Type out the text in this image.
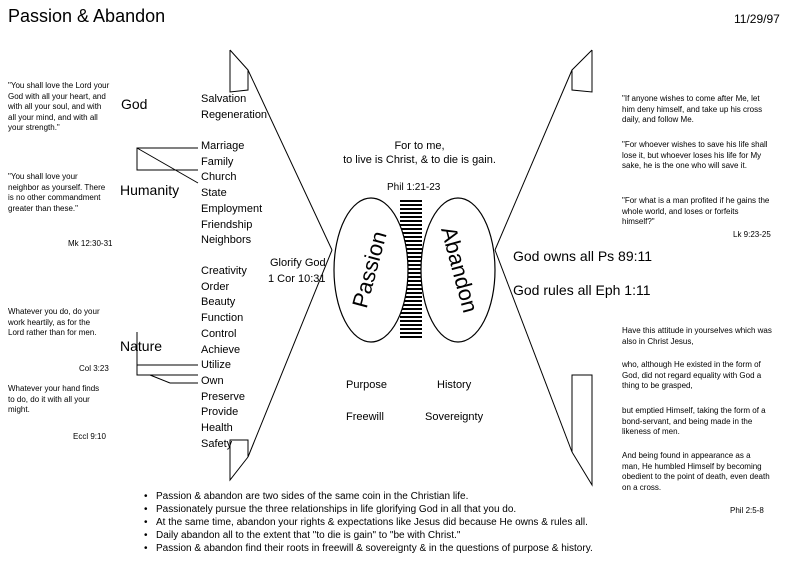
Passion & Abandon	11/29/97
Passion Abandon
"You shall love the Lord your God with all your heart, and with all your soul, and with all your mind, and with all your strength."
"You shall love your neighbor as yourself. There is no other commandment greater than these."
Mk 12:30-31
Whatever you do, do your work heartily, as for the Lord rather than for men.
Col 3:23
Whatever your hand finds to do, do it with all your might.
Eccl 9:10
God
Humanity
Nature
Salvation
Regeneration
Marriage
Family
Church
State
Employment
Friendship
Neighbors
Creativity
Order
Beauty
Function
Control
Achieve
Utilize
Own
Preserve
Provide
Health
Safety
Glorify God
1 Cor 10:31
For to me,
to live is Christ, & to die is gain.
Phil 1:21-23
Purpose	History
Freewill	Sovereignty
God owns all Ps 89:11
God rules all Eph 1:11
"If anyone wishes to come after Me, let him deny himself, and take up his cross daily, and follow Me.
"For whoever wishes to save his life shall lose it, but whoever loses his life for My sake, he is the one who will save it.
"For what is a man profited if he gains the whole world, and loses or forfeits himself?"
Lk 9:23-25
Have this attitude in yourselves which was also in Christ Jesus,
who, although He existed in the form of God, did not regard equality with God a thing to be grasped,
but emptied Himself, taking the form of a bond-servant, and being made in the likeness of men.
And being found in appearance as a man, He humbled Himself by becoming obedient to the point of death, even death on a cross.
Phil 2:5-8
• Passion & abandon are two sides of the same coin in the Christian life.
• Passionately pursue the three relationships in life glorifying God in all that you do.
• At the same time, abandon your rights & expectations like Jesus did because He owns & rules all.
• Daily abandon all to the extent that "to die is gain" to "be with Christ."
• Passion & abandon find their roots in freewill & sovereignty & in the questions of purpose & history.
